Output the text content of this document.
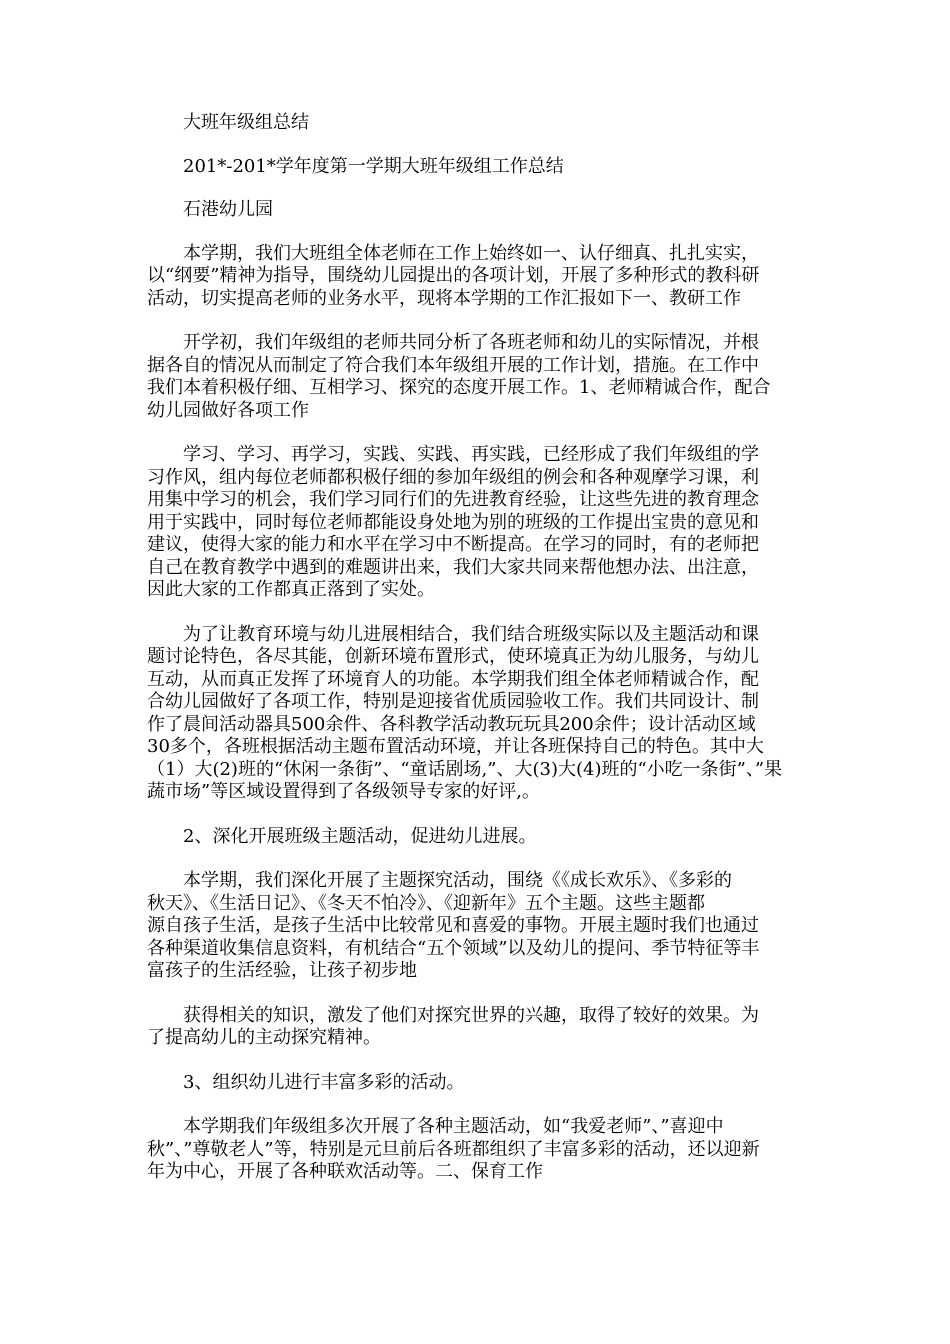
大班年级组总结
201*-201*学年度第一学期大班年级组工作总结
石港幼儿园
本学期，我们大班组全体老师在工作上始终如一、认仔细真、扎扎实实，
以“纲要”精神为指导，围绕幼儿园提出的各项计划，开展了多种形式的教科研
活动，切实提高老师的业务水平，现将本学期的工作汇报如下一、教研工作
开学初，我们年级组的老师共同分析了各班老师和幼儿的实际情况，并根
据各自的情况从而制定了符合我们本年级组开展的工作计划，措施。在工作中
我们本着积极仔细、互相学习、探究的态度开展工作。1、老师精诚合作，配合
幼儿园做好各项工作
学习、学习、再学习，实践、实践、再实践，已经形成了我们年级组的学
习作风，组内每位老师都积极仔细的参加年级组的例会和各种观摩学习课，利
用集中学习的机会，我们学习同行们的先进教育经验，让这些先进的教育理念
用于实践中，同时每位老师都能设身处地为别的班级的工作提出宝贵的意见和
建议，使得大家的能力和水平在学习中不断提高。在学习的同时，有的老师把
自己在教育教学中遇到的难题讲出来，我们大家共同来帮他想办法、出注意，
因此大家的工作都真正落到了实处。
为了让教育环境与幼儿进展相结合，我们结合班级实际以及主题活动和课
题讨论特色，各尽其能，创新环境布置形式，使环境真正为幼儿服务，与幼儿
互动，从而真正发挥了环境育人的功能。本学期我们组全体老师精诚合作，配
合幼儿园做好了各项工作，特别是迎接省优质园验收工作。我们共同设计、制
作了晨间活动器具500余件、各科教学活动教玩玩具200余件；设计活动区域
30多个，各班根据活动主题布置活动环境，并让各班保持自己的特色。其中大
（1）大(2)班的“休闲一条街”、“童话剧场,”、大(3)大(4)班的“小吃一条街”、”果
蔬市场”等区域设置得到了各级领导专家的好评,。
2、深化开展班级主题活动，促进幼儿进展。
本学期，我们深化开展了主题探究活动，围绕《《成长欢乐》、《多彩的
秋天》、《生活日记》、《冬天不怕冷》、《迎新年》五个主题。这些主题都
源自孩子生活，是孩子生活中比较常见和喜爱的事物。开展主题时我们也通过
各种渠道收集信息资料，有机结合“五个领域”以及幼儿的提问、季节特征等丰
富孩子的生活经验，让孩子初步地
获得相关的知识，激发了他们对探究世界的兴趣，取得了较好的效果。为
了提高幼儿的主动探究精神。
3、组织幼儿进行丰富多彩的活动。
本学期我们年级组多次开展了各种主题活动，如“我爱老师”、”喜迎中
秋”、”尊敬老人”等，特别是元旦前后各班都组织了丰富多彩的活动，还以迎新
年为中心，开展了各种联欢活动等。二、保育工作
